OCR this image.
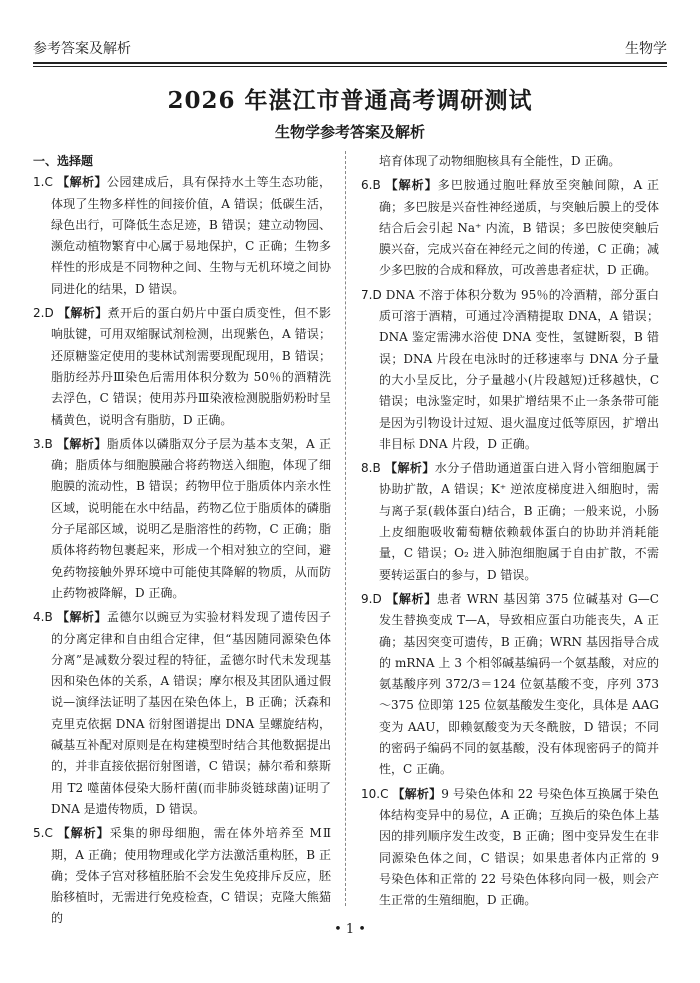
参考答案及解析	生物学
2026 年湛江市普通高考调研测试
生物学参考答案及解析
一、选择题
1.C 【解析】公园建成后，具有保持水土等生态功能，体现了生物多样性的间接价值，A 错误；低碳生活，绿色出行，可降低生态足迹，B 错误；建立动物园、濒危动植物繁育中心属于易地保护，C 正确；生物多样性的形成是不同物种之间、生物与无机环境之间协同进化的结果，D 错误。
2.D 【解析】煮开后的蛋白奶片中蛋白质变性，但不影响肽键，可用双缩脲试剂检测，出现紫色，A 错误；还原糖鉴定使用的斐林试剂需要现配现用，B 错误；脂肪经苏丹Ⅲ染色后需用体积分数为 50％的酒精洗去浮色，C 错误；使用苏丹Ⅲ染液检测脱脂奶粉时呈橘黄色，说明含有脂肪，D 正确。
3.B 【解析】脂质体以磷脂双分子层为基本支架，A 正确；脂质体与细胞膜融合将药物送入细胞，体现了细胞膜的流动性，B 错误；药物甲位于脂质体内亲水性区域，说明能在水中结晶，药物乙位于脂质体的磷脂分子尾部区域，说明乙是脂溶性的药物，C 正确；脂质体将药物包裹起来，形成一个相对独立的空间，避免药物接触外界环境中可能使其降解的物质，从而防止药物被降解，D 正确。
4.B 【解析】孟德尔以豌豆为实验材料发现了遗传因子的分离定律和自由组合定律，但“基因随同源染色体分离”是减数分裂过程的特征，孟德尔时代未发现基因和染色体的关系，A 错误；摩尔根及其团队通过假说—演绎法证明了基因在染色体上，B 正确；沃森和克里克依据 DNA 衍射图谱提出 DNA 呈螺旋结构，碱基互补配对原则是在构建模型时结合其他数据提出的，并非直接依据衍射图谱，C 错误；赫尔希和蔡斯用 T2 噬菌体侵染大肠杆菌(而非肺炎链球菌)证明了 DNA 是遗传物质，D 错误。
5.C 【解析】采集的卵母细胞，需在体外培养至 MⅡ期，A 正确；使用物理或化学方法激活重构胚，B 正确；受体子宫对移植胚胎不会发生免疫排斥反应，胚胎移植时，无需进行免疫检查，C 错误；克隆大熊猫的
培育体现了动物细胞核具有全能性，D 正确。
6.B 【解析】多巴胺通过胞吐释放至突触间隙，A 正确；多巴胺是兴奋性神经递质，与突触后膜上的受体结合后会引起 Na⁺ 内流，B 错误；多巴胺使突触后膜兴奋，完成兴奋在神经元之间的传递，C 正确；减少多巴胺的合成和释放，可改善患者症状，D 正确。
7.D DNA 不溶于体积分数为 95％的冷酒精，部分蛋白质可溶于酒精，可通过冷酒精提取 DNA，A 错误；DNA 鉴定需沸水浴使 DNA 变性，氢键断裂，B 错误；DNA 片段在电泳时的迁移速率与 DNA 分子量的大小呈反比，分子量越小(片段越短)迁移越快，C 错误；电泳鉴定时，如果扩增结果不止一条条带可能是因为引物设计过短、退火温度过低等原因，扩增出非目标 DNA 片段，D 正确。
8.B 【解析】水分子借助通道蛋白进入肾小管细胞属于协助扩散，A 错误；K⁺ 逆浓度梯度进入细胞时，需与离子泵(载体蛋白)结合，B 正确；一般来说，小肠上皮细胞吸收葡萄糖依赖载体蛋白的协助并消耗能量，C 错误；O₂ 进入肺泡细胞属于自由扩散，不需要转运蛋白的参与，D 错误。
9.D 【解析】患者 WRN 基因第 375 位碱基对 G—C 发生替换变成 T—A，导致相应蛋白功能丧失，A 正确；基因突变可遗传，B 正确；WRN 基因指导合成的 mRNA 上 3 个相邻碱基编码一个氨基酸，对应的氨基酸序列 372/3＝124 位氨基酸不变，序列 373～375 位即第 125 位氨基酸发生变化，具体是 AAG 变为 AAU，即赖氨酸变为天冬酰胺，D 错误；不同的密码子编码不同的氨基酸，没有体现密码子的简并性，C 正确。
10.C 【解析】9 号染色体和 22 号染色体互换属于染色体结构变异中的易位，A 正确；互换后的染色体上基因的排列顺序发生改变，B 正确；图中变异发生在非同源染色体之间，C 错误；如果患者体内正常的 9 号染色体和正常的 22 号染色体移向同一极，则会产生正常的生殖细胞，D 正确。
• 1 •
